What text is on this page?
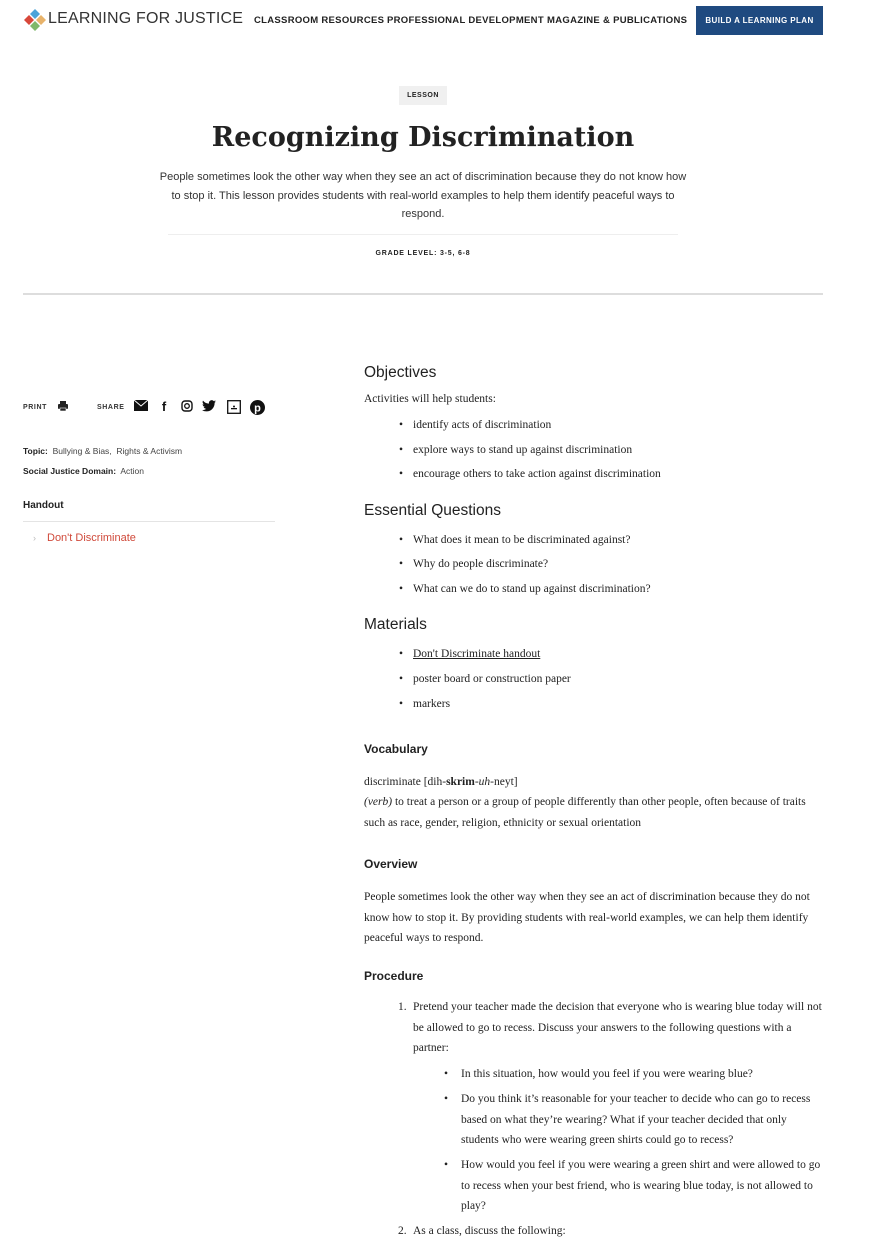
LEARNING FOR JUSTICE CLASSROOM RESOURCES PROFESSIONAL DEVELOPMENT MAGAZINE & PUBLICATIONS	BUILD A LEARNING PLAN
LESSON
Recognizing Discrimination

People sometimes look the other way when they see an act of discrimination because they do not know how to stop it. This lesson provides students with real-world examples to help them identify peaceful ways to respond.

GRADE LEVEL: 3-5, 6-8
PRINT	SHARE	f	p
Topic: Bullying & Bias, Rights & Activism
Social Justice Domain: Action
Handout
› Don't Discriminate
Objectives
Activities will help students:
• identify acts of discrimination
• explore ways to stand up against discrimination
• encourage others to take action against discrimination
Essential Questions
• What does it mean to be discriminated against?
• Why do people discriminate?
• What can we do to stand up against discrimination?
Materials
• Don't Discriminate handout
• poster board or construction paper
• markers
Vocabulary
discriminate [dih-skrim-uh-neyt]
(verb) to treat a person or a group of people differently than other people, often because of traits such as race, gender, religion, ethnicity or sexual orientation
Overview
People sometimes look the other way when they see an act of discrimination because they do not know how to stop it. By providing students with real-world examples, we can help them identify peaceful ways to respond.
Procedure
1. Pretend your teacher made the decision that everyone who is wearing blue today will not be allowed to go to recess. Discuss your answers to the following questions with a partner:
• In this situation, how would you feel if you were wearing blue?
• Do you think it’s reasonable for your teacher to decide who can go to recess based on what they’re wearing? What if your teacher decided that only students who were wearing green shirts could go to recess?
• How would you feel if you were wearing a green shirt and were allowed to go to recess when your best friend, who is wearing blue today, is not allowed to play?
2. As a class, discuss the following:
